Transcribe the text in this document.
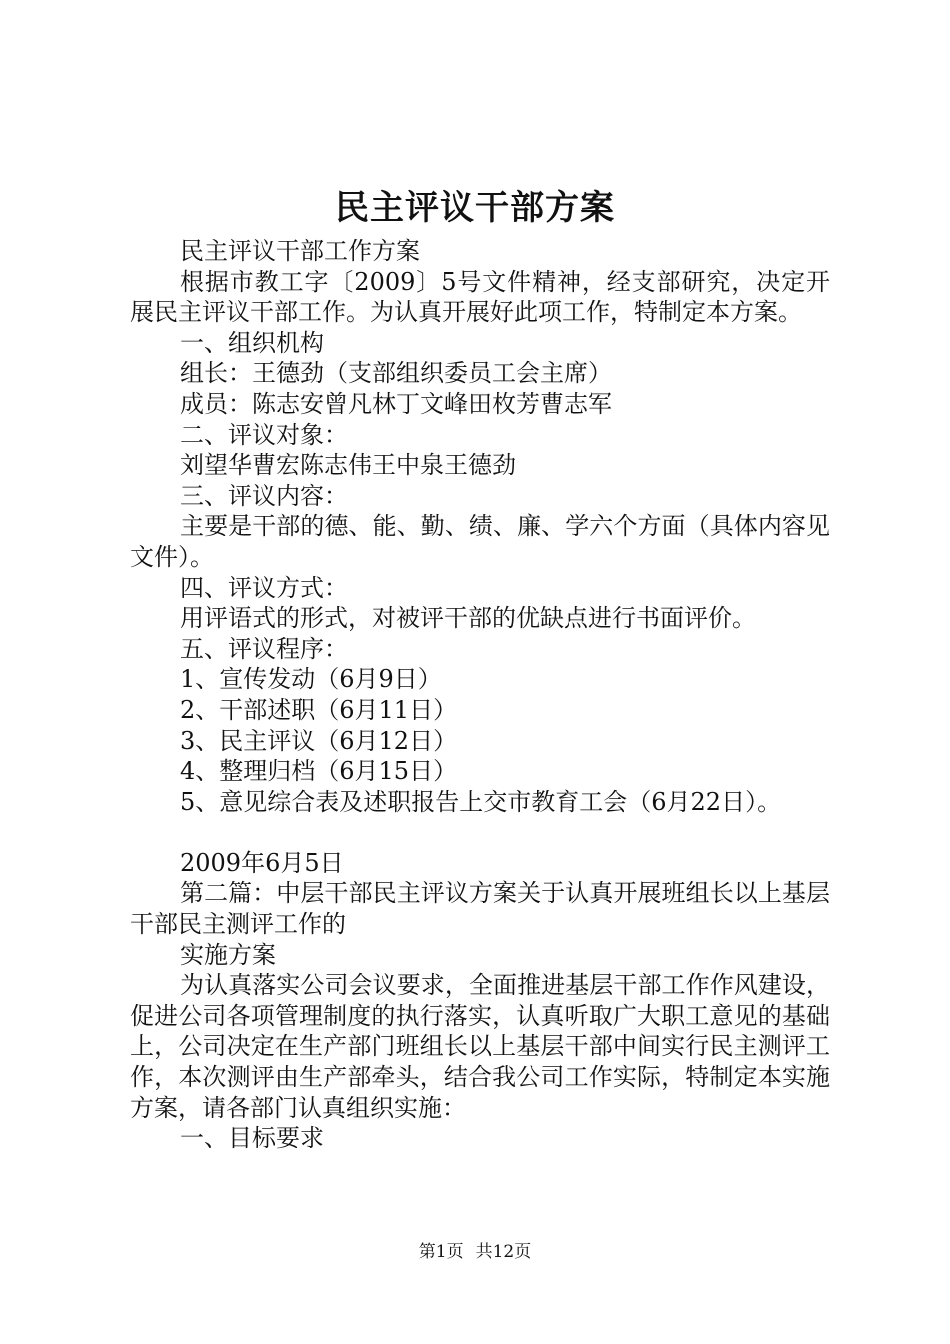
民主评议干部方案

民主评议干部工作方案

根据市教工字〔2009〕5号文件精神，经支部研究，决定开展民主评议干部工作。为认真开展好此项工作，特制定本方案。

一、组织机构

组长：王德劲（支部组织委员工会主席）

成员：陈志安曾凡林丁文峰田枚芳曹志军

二、评议对象：

刘望华曹宏陈志伟王中泉王德劲

三、评议内容：

主要是干部的德、能、勤、绩、廉、学六个方面（具体内容见文件）。

四、评议方式：

用评语式的形式，对被评干部的优缺点进行书面评价。

五、评议程序：

1、宣传发动（6月9日）

2、干部述职（6月11日）

3、民主评议（6月12日）

4、整理归档（6月15日）

5、意见综合表及述职报告上交市教育工会（6月22日）。

2009年6月5日

第二篇：中层干部民主评议方案关于认真开展班组长以上基层干部民主测评工作的

实施方案

为认真落实公司会议要求，全面推进基层干部工作作风建设，促进公司各项管理制度的执行落实，认真听取广大职工意见的基础上，公司决定在生产部门班组长以上基层干部中间实行民主测评工作，本次测评由生产部牵头，结合我公司工作实际，特制定本实施方案，请各部门认真组织实施：

一、目标要求

第1页 共12页
